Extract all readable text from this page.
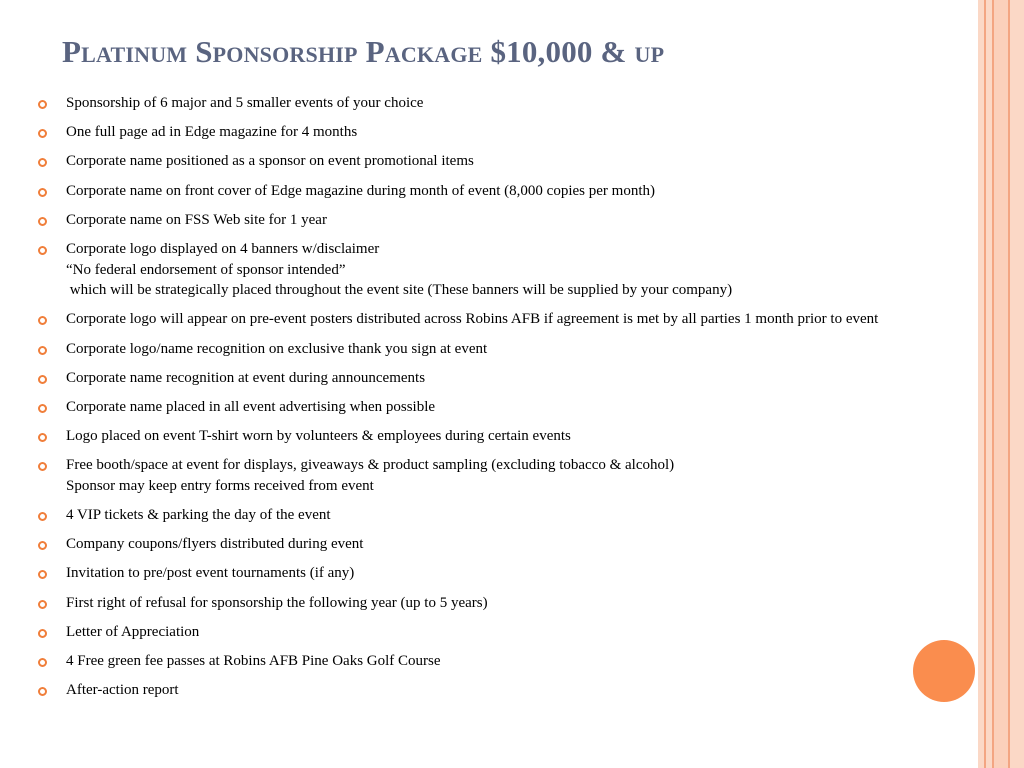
Platinum Sponsorship Package $10,000 & up
Sponsorship of 6 major and 5 smaller events of your choice
One full page ad in Edge magazine for 4 months
Corporate name positioned as a sponsor on event promotional items
Corporate name on front cover of Edge magazine during month of event (8,000 copies per month)
Corporate name on FSS Web site for 1 year
Corporate logo displayed on 4 banners w/disclaimer
“No federal endorsement of sponsor intended”
which will be strategically placed throughout the event site (These banners will be supplied by your company)
Corporate logo will appear on pre-event posters distributed across Robins AFB if agreement is met by all parties 1 month prior to event
Corporate logo/name recognition on exclusive thank you sign at event
Corporate name recognition at event during announcements
Corporate name placed in all event advertising when possible
Logo placed on event T-shirt worn by volunteers & employees during certain events
Free booth/space at event for displays, giveaways & product sampling (excluding tobacco & alcohol)
Sponsor may keep entry forms received from event
4 VIP tickets & parking the day of the event
Company coupons/flyers distributed during event
Invitation to pre/post event tournaments (if any)
First right of refusal for sponsorship the following year (up to 5 years)
Letter of Appreciation
4 Free green fee passes at Robins AFB Pine Oaks Golf Course
After-action report
